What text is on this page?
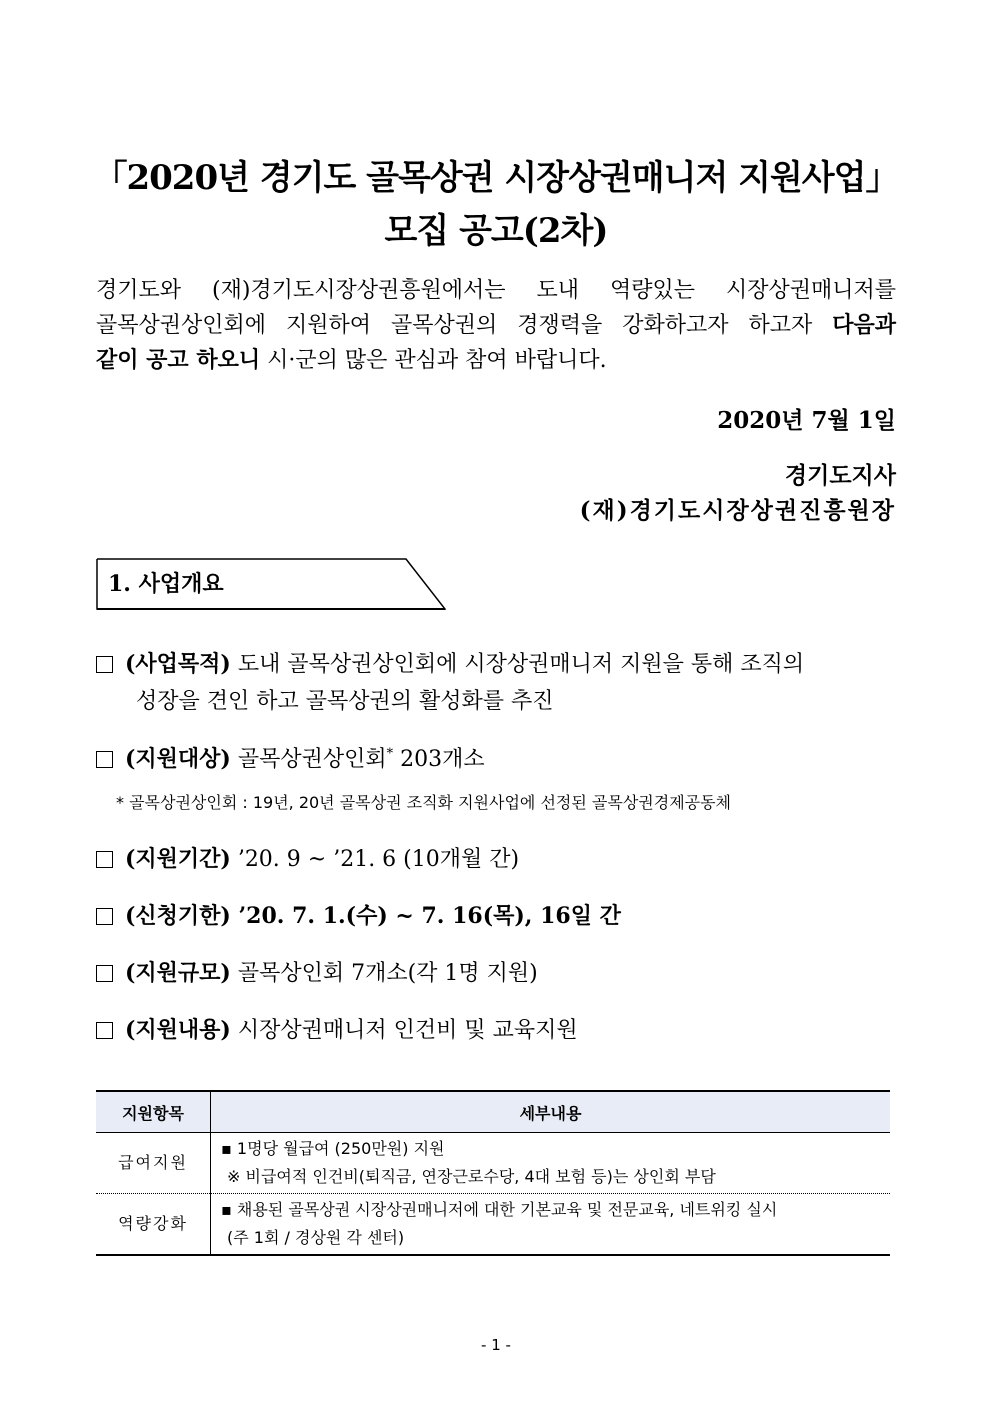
「2020년 경기도 골목상권 시장상권매니저 지원사업」
모집 공고(2차)
경기도와 (재)경기도시장상권흥원에서는 도내 역량있는 시장상권매니저를
골목상권상인회에 지원하여 골목상권의 경쟁력을 강화하고자 하고자 다음과
같이 공고 하오니 시·군의 많은 관심과 참여 바랍니다.
2020년 7월 1일
경기도지사
(재)경기도시장상권진흥원장
1. 사업개요
(사업목적) 도내 골목상권상인회에 시장상권매니저 지원을 통해 조직의
성장을 견인 하고 골목상권의 활성화를 추진
(지원대상) 골목상권상인회* 203개소
* 골목상권상인회 : 19년, 20년 골목상권 조직화 지원사업에 선정된 골목상권경제공동체
(지원기간) ’20. 9 ~ ’21. 6 (10개월 간)
(신청기한) ’20. 7. 1.(수) ~ 7. 16(목), 16일 간
(지원규모) 골목상인회 7개소(각 1명 지원)
(지원내용) 시장상권매니저 인건비 및 교육지원
지원항목	세부내용
급여지원	▪ 1명당 월급여 (250만원) 지원
※ 비급여적 인건비(퇴직금, 연장근로수당, 4대 보험 등)는 상인회 부담

역량강화	▪ 채용된 골목상권 시장상권매니저에 대한 기본교육 및 전문교육, 네트위킹 실시
(주 1회 / 경상원 각 센터)
- 1 -
